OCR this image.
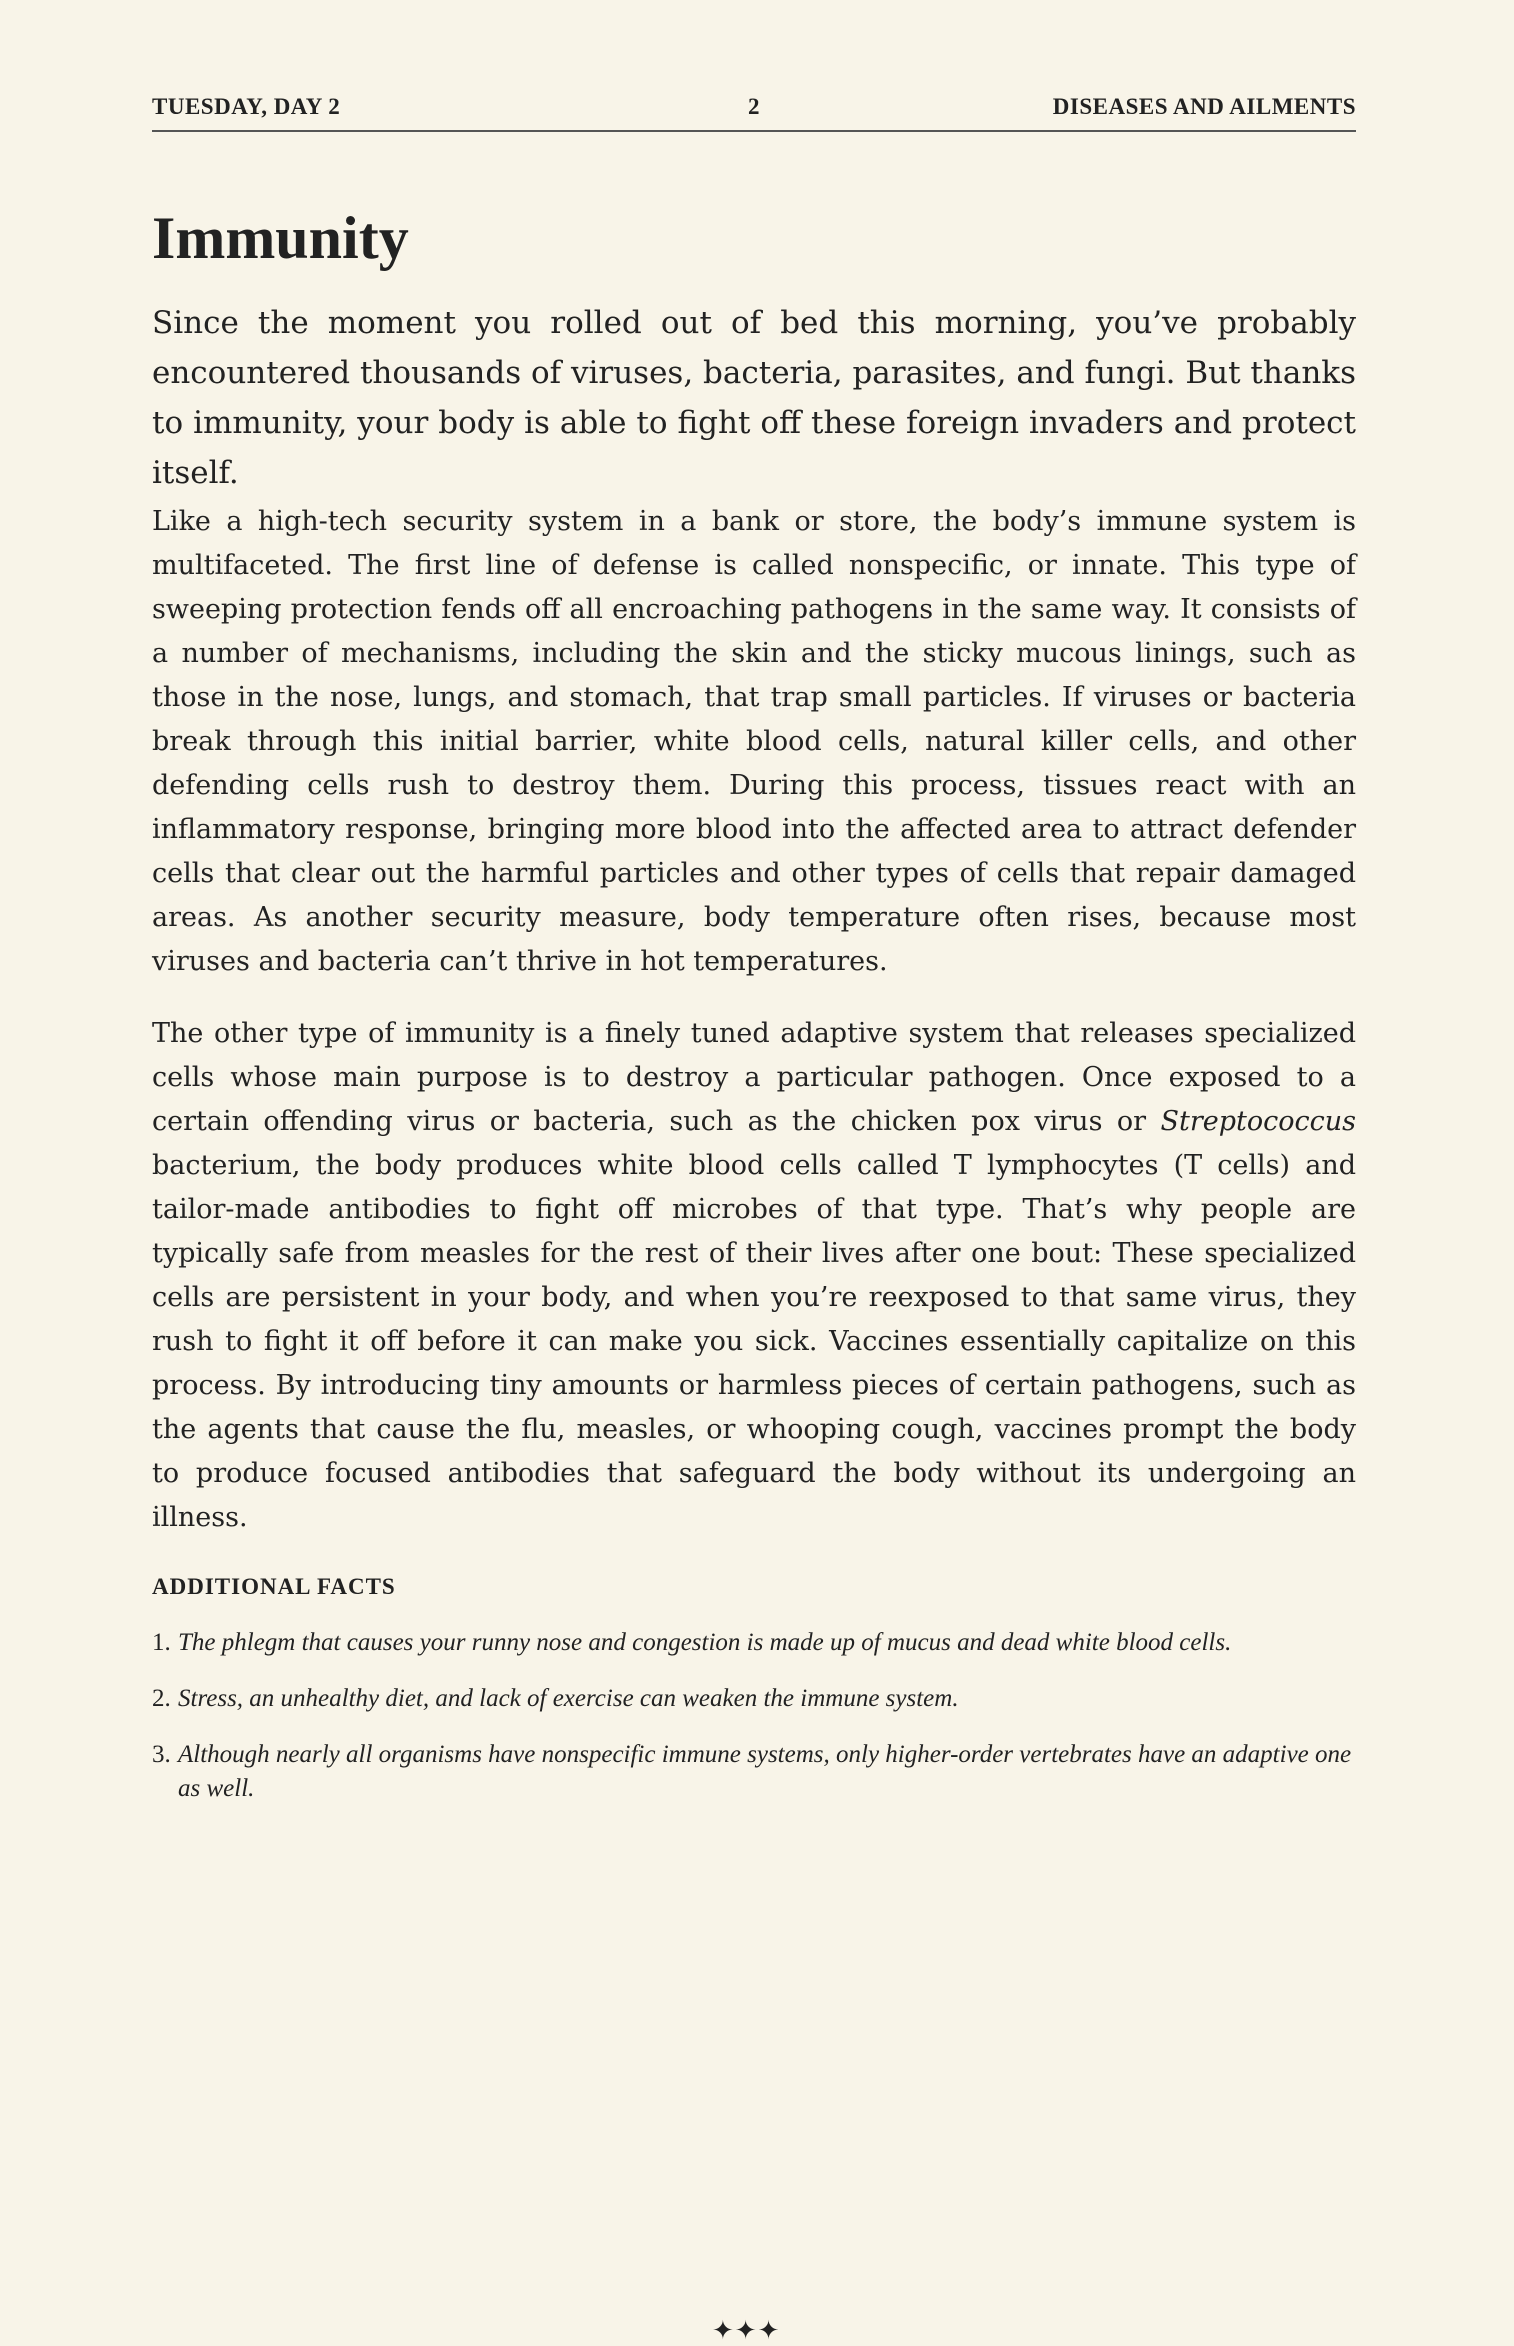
TUESDAY, DAY 2	2	DISEASES AND AILMENTS
Immunity

Since the moment you rolled out of bed this morning, you’ve probably encountered thousands of viruses, bacteria, parasites, and fungi. But thanks to immunity, your body is able to fight off these foreign invaders and protect itself.

Like a high-tech security system in a bank or store, the body’s immune system is multifaceted. The first line of defense is called nonspecific, or innate. This type of sweeping protection fends off all encroaching pathogens in the same way. It consists of a number of mechanisms, including the skin and the sticky mucous linings, such as those in the nose, lungs, and stomach, that trap small particles. If viruses or bacteria break through this initial barrier, white blood cells, natural killer cells, and other defending cells rush to destroy them. During this process, tissues react with an inflammatory response, bringing more blood into the affected area to attract defender cells that clear out the harmful particles and other types of cells that repair damaged areas. As another security measure, body temperature often rises, because most viruses and bacteria can’t thrive in hot temperatures.

The other type of immunity is a finely tuned adaptive system that releases specialized cells whose main purpose is to destroy a particular pathogen. Once exposed to a certain offending virus or bacteria, such as the chicken pox virus or Streptococcus bacterium, the body produces white blood cells called T lymphocytes (T cells) and tailor-made antibodies to fight off microbes of that type. That’s why people are typically safe from measles for the rest of their lives after one bout: These specialized cells are persistent in your body, and when you’re reexposed to that same virus, they rush to fight it off before it can make you sick. Vaccines essentially capitalize on this process. By introducing tiny amounts or harmless pieces of certain pathogens, such as the agents that cause the flu, measles, or whooping cough, vaccines prompt the body to produce focused antibodies that safeguard the body without its undergoing an illness.

ADDITIONAL FACTS
1. The phlegm that causes your runny nose and congestion is made up of mucus and dead white blood cells.
2. Stress, an unhealthy diet, and lack of exercise can weaken the immune system.
3. Although nearly all organisms have nonspecific immune systems, only higher-order vertebrates have an adaptive one as well.
✦✦✦
